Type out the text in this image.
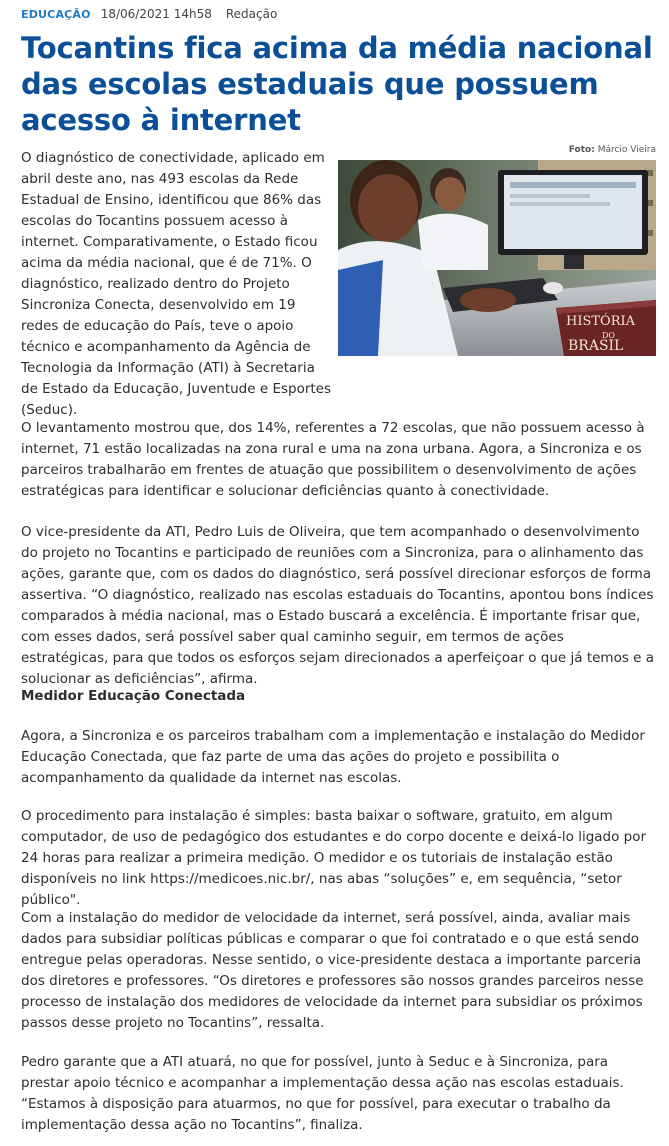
EDUCAÇÃO 18/06/2021 14h58 Redação
Tocantins fica acima da média nacional das escolas estaduais que possuem acesso à internet
Foto: Márcio Vieira
HISTÓRIA
DO
BRASIL

O diagnóstico de conectividade, aplicado em abril deste ano, nas 493 escolas da Rede Estadual de Ensino, identificou que 86% das escolas do Tocantins possuem acesso à internet. Comparativamente, o Estado ficou acima da média nacional, que é de 71%. O diagnóstico, realizado dentro do Projeto Sincroniza Conecta, desenvolvido em 19 redes de educação do País, teve o apoio técnico e acompanhamento da Agência de Tecnologia da Informação (ATI) à Secretaria de Estado da Educação, Juventude e Esportes (Seduc).

O levantamento mostrou que, dos 14%, referentes a 72 escolas, que não possuem acesso à internet, 71 estão localizadas na zona rural e uma na zona urbana. Agora, a Sincroniza e os parceiros trabalharão em frentes de atuação que possibilitem o desenvolvimento de ações estratégicas para identificar e solucionar deficiências quanto à conectividade.

O vice-presidente da ATI, Pedro Luis de Oliveira, que tem acompanhado o desenvolvimento do projeto no Tocantins e participado de reuniões com a Sincroniza, para o alinhamento das ações, garante que, com os dados do diagnóstico, será possível direcionar esforços de forma assertiva. “O diagnóstico, realizado nas escolas estaduais do Tocantins, apontou bons índices comparados à média nacional, mas o Estado buscará a excelência. É importante frisar que, com esses dados, será possível saber qual caminho seguir, em termos de ações estratégicas, para que todos os esforços sejam direcionados a aperfeiçoar o que já temos e a solucionar as deficiências”, afirma.

Medidor Educação Conectada

Agora, a Sincroniza e os parceiros trabalham com a implementação e instalação do Medidor Educação Conectada, que faz parte de uma das ações do projeto e possibilita o acompanhamento da qualidade da internet nas escolas.

O procedimento para instalação é simples: basta baixar o software, gratuito, em algum computador, de uso de pedagógico dos estudantes e do corpo docente e deixá-lo ligado por 24 horas para realizar a primeira medição. O medidor e os tutoriais de instalação estão disponíveis no link https://medicoes.nic.br/, nas abas “soluções” e, em sequência, “setor público".

Com a instalação do medidor de velocidade da internet, será possível, ainda, avaliar mais dados para subsidiar políticas públicas e comparar o que foi contratado e o que está sendo entregue pelas operadoras. Nesse sentido, o vice-presidente destaca a importante parceria dos diretores e professores. “Os diretores e professores são nossos grandes parceiros nesse processo de instalação dos medidores de velocidade da internet para subsidiar os próximos passos desse projeto no Tocantins”, ressalta.

Pedro garante que a ATI atuará, no que for possível, junto à Seduc e à Sincroniza, para prestar apoio técnico e acompanhar a implementação dessa ação nas escolas estaduais. “Estamos à disposição para atuarmos, no que for possível, para executar o trabalho da implementação dessa ação no Tocantins”, finaliza.
